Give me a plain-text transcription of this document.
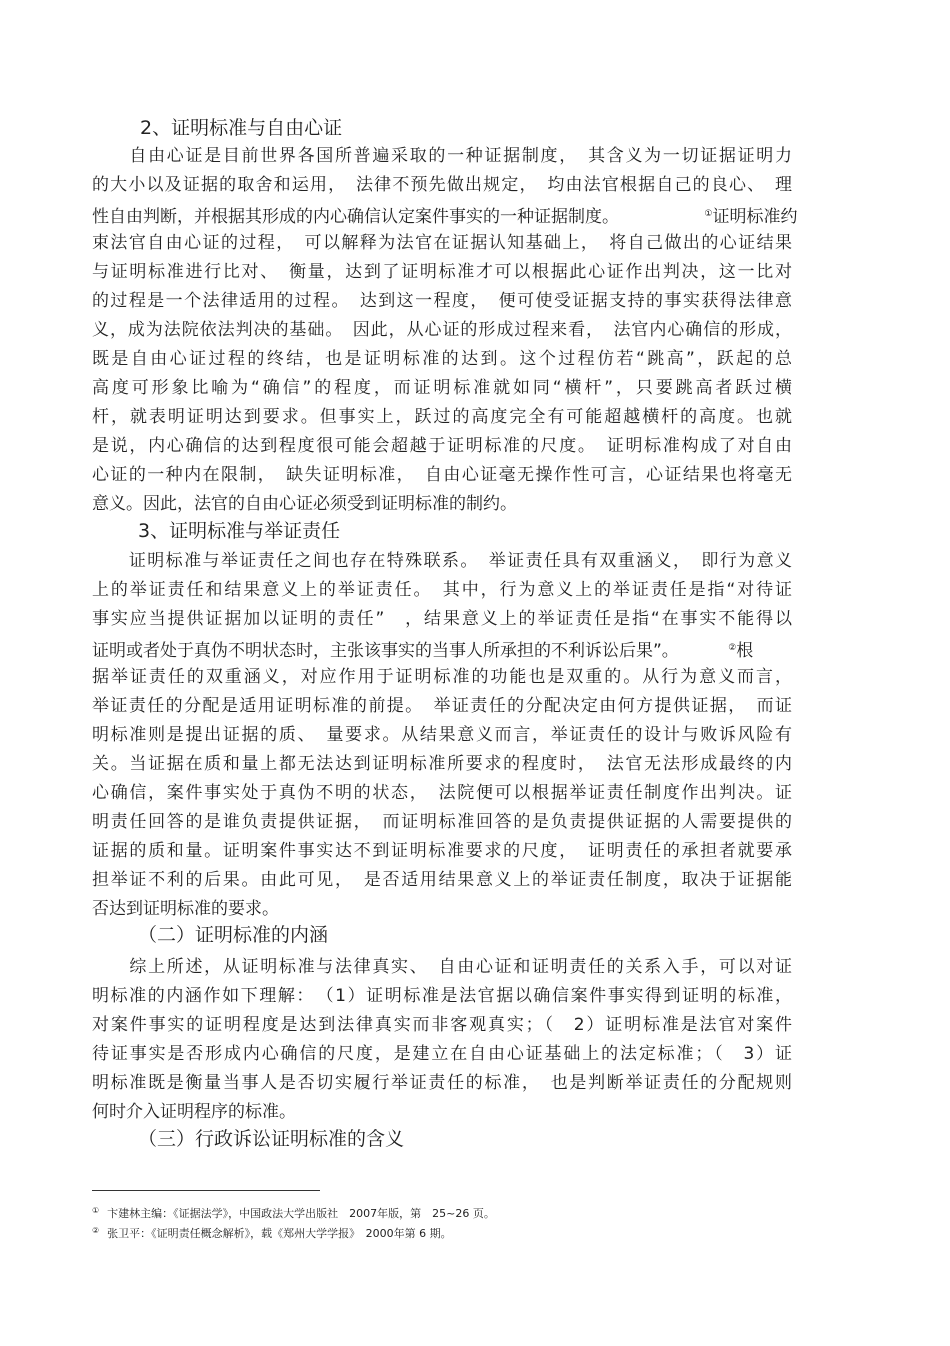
2、证明标准与自由心证
　　自由心证是目前世界各国所普遍采取的一种证据制度，　其含义为一切证据证明力
的大小以及证据的取舍和运用，　法律不预先做出规定，　均由法官根据自己的良心、　理
性自由判断，并根据其形成的内心确信认定案件事实的一种证据制度。	①证明标准约
束法官自由心证的过程，　可以解释为法官在证据认知基础上，　将自己做出的心证结果
与证明标准进行比对、　衡量，达到了证明标准才可以根据此心证作出判决，这一比对
的过程是一个法律适用的过程。　达到这一程度，　便可使受证据支持的事实获得法律意
义，成为法院依法判决的基础。　因此，从心证的形成过程来看，　法官内心确信的形成，
既是自由心证过程的终结，也是证明标准的达到。这个过程仿若“跳高”，跃起的总
高度可形象比喻为“确信”的程度，而证明标准就如同“横杆”，只要跳高者跃过横
杆，就表明证明达到要求。但事实上，跃过的高度完全有可能超越横杆的高度。也就
是说，内心确信的达到程度很可能会超越于证明标准的尺度。　证明标准构成了对自由
心证的一种内在限制，　缺失证明标准，　自由心证毫无操作性可言，心证结果也将毫无
意义。因此，法官的自由心证必须受到证明标准的制约。
3、证明标准与举证责任
　　证明标准与举证责任之间也存在特殊联系。　举证责任具有双重涵义，　即行为意义
上的举证责任和结果意义上的举证责任。　其中，行为意义上的举证责任是指“对待证
事实应当提供证据加以证明的责任”　，结果意义上的举证责任是指“在事实不能得以
证明或者处于真伪不明状态时，主张该事实的当事人所承担的不利诉讼后果”。	②根
据举证责任的双重涵义，对应作用于证明标准的功能也是双重的。从行为意义而言，
举证责任的分配是适用证明标准的前提。　举证责任的分配决定由何方提供证据，　而证
明标准则是提出证据的质、　量要求。从结果意义而言，举证责任的设计与败诉风险有
关。当证据在质和量上都无法达到证明标准所要求的程度时，　法官无法形成最终的内
心确信，案件事实处于真伪不明的状态，　法院便可以根据举证责任制度作出判决。证
明责任回答的是谁负责提供证据，　而证明标准回答的是负责提供证据的人需要提供的
证据的质和量。证明案件事实达不到证明标准要求的尺度，　证明责任的承担者就要承
担举证不利的后果。由此可见，　是否适用结果意义上的举证责任制度，取决于证据能
否达到证明标准的要求。
（二）证明标准的内涵
　　综上所述，从证明标准与法律真实、　自由心证和证明责任的关系入手，可以对证
明标准的内涵作如下理解：　（1）证明标准是法官据以确信案件事实得到证明的标准，
对案件事实的证明程度是达到法律真实而非客观真实；（　2）证明标准是法官对案件
待证事实是否形成内心确信的尺度，是建立在自由心证基础上的法定标准；（　3）证
明标准既是衡量当事人是否切实履行举证责任的标准，　也是判断举证责任的分配规则
何时介入证明程序的标准。
（三）行政诉讼证明标准的含义
① 卞建林主编：《证据法学》，中国政法大学出版社　2007年版，第　25~26 页。
② 张卫平：《证明责任概念解析》，载《郑州大学学报》　2000年第 6 期。
